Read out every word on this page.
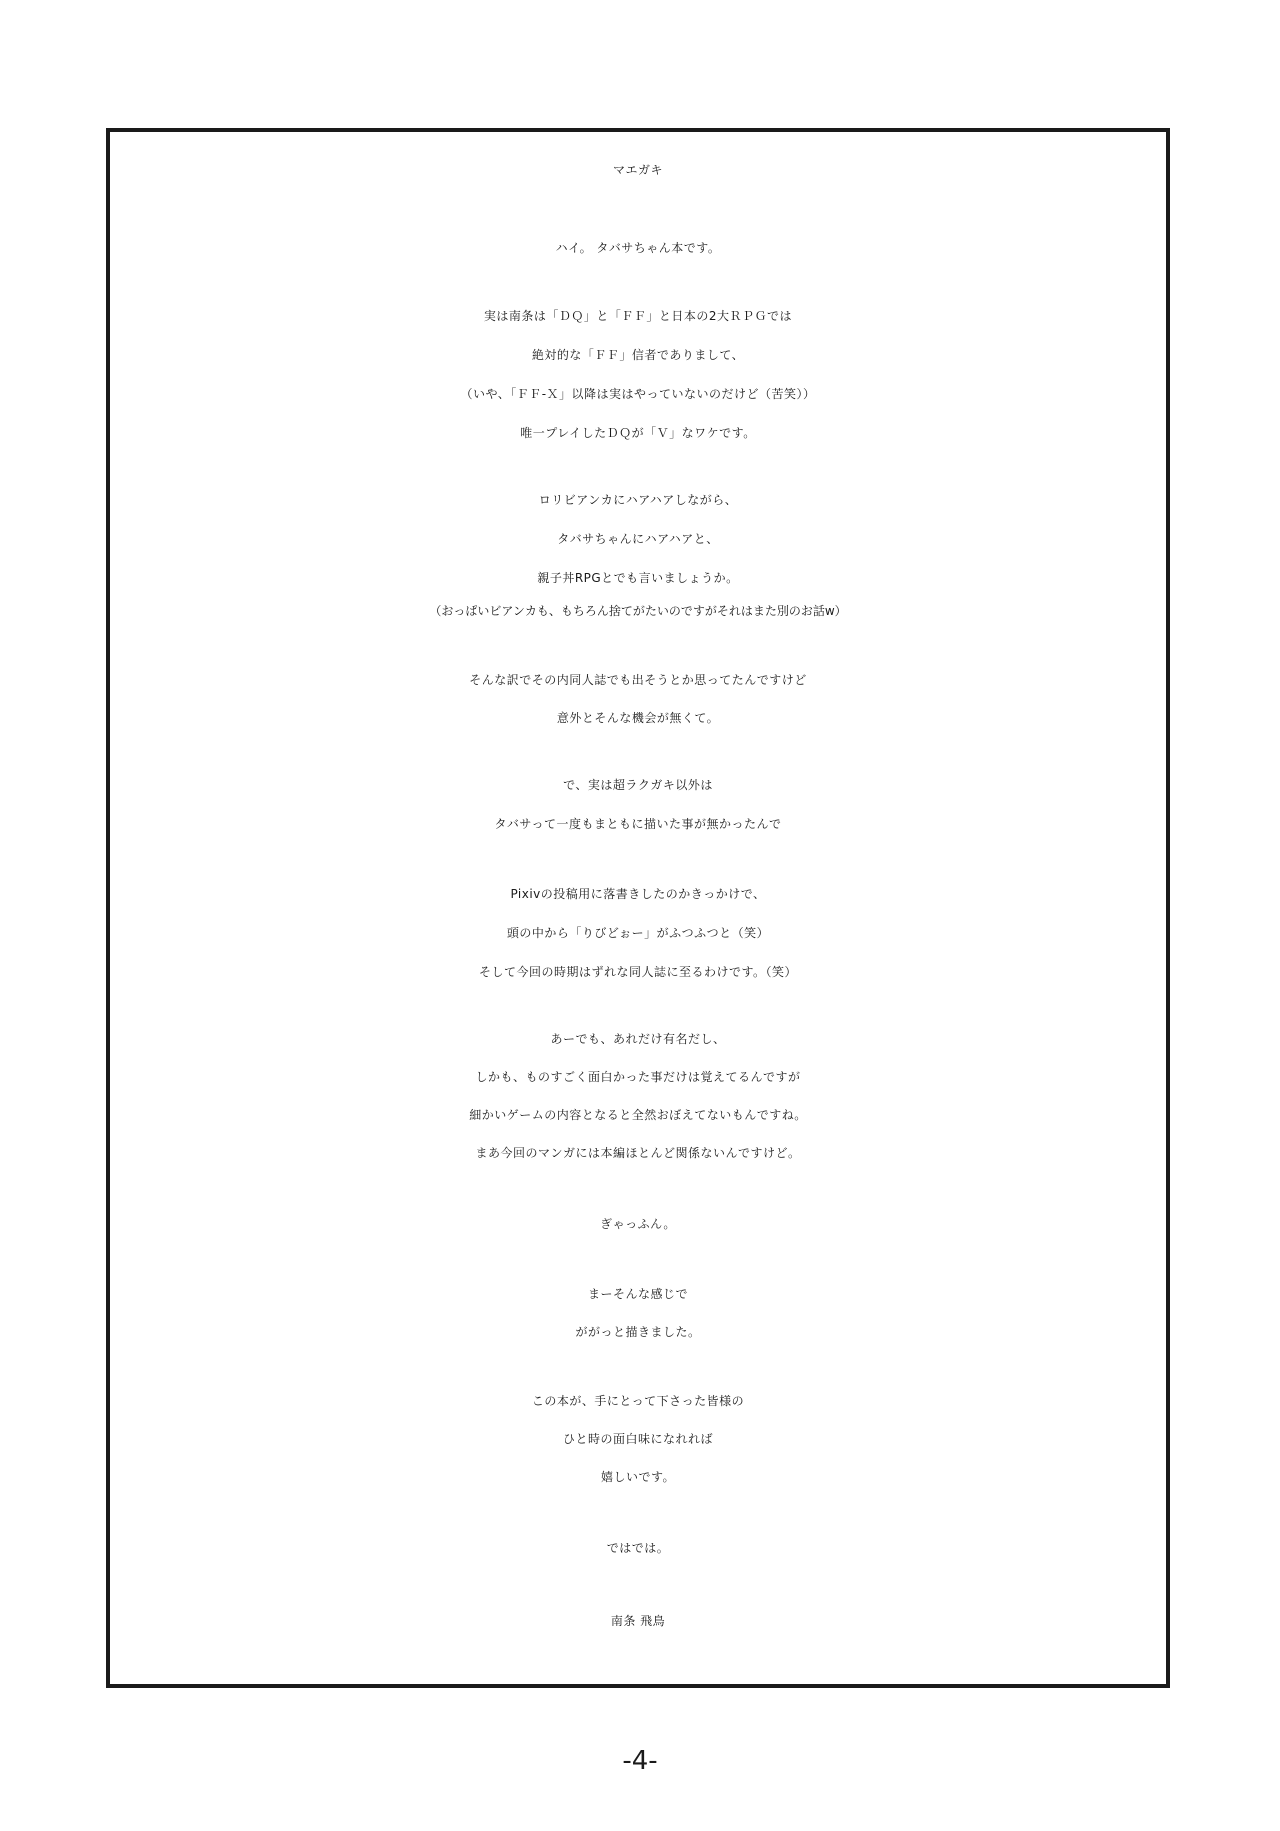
マエガキ
ハイ。 タバサちゃん本です。
実は南条は「ＤＱ」と「ＦＦ」と日本の2大ＲＰＧでは
絶対的な「ＦＦ」信者でありまして、
（いや、「ＦＦ-Ｘ」以降は実はやっていないのだけど（苦笑））
唯一プレイしたＤＱが「Ｖ」なワケです。
ロリビアンカにハアハアしながら、
タバサちゃんにハアハアと、
親子丼RPGとでも言いましょうか。
（おっぱいビアンカも、もちろん捨てがたいのですがそれはまた別のお話w）
そんな訳でその内同人誌でも出そうとか思ってたんですけど
意外とそんな機会が無くて。
で、実は超ラクガキ以外は
タバサって一度もまともに描いた事が無かったんで
Pixivの投稿用に落書きしたのかきっかけで、
頭の中から「りびどぉー」がふつふつと（笑）
そして今回の時期はずれな同人誌に至るわけです。（笑）
あーでも、あれだけ有名だし、
しかも、ものすごく面白かった事だけは覚えてるんですが
細かいゲームの内容となると全然おぼえてないもんですね。
まあ今回のマンガには本編ほとんど関係ないんですけど。
ぎゃっふん。
まーそんな感じで
ががっと描きました。
この本が、手にとって下さった皆様の
ひと時の面白味になれれば
嬉しいです。
ではでは。
南条 飛鳥
-4-
